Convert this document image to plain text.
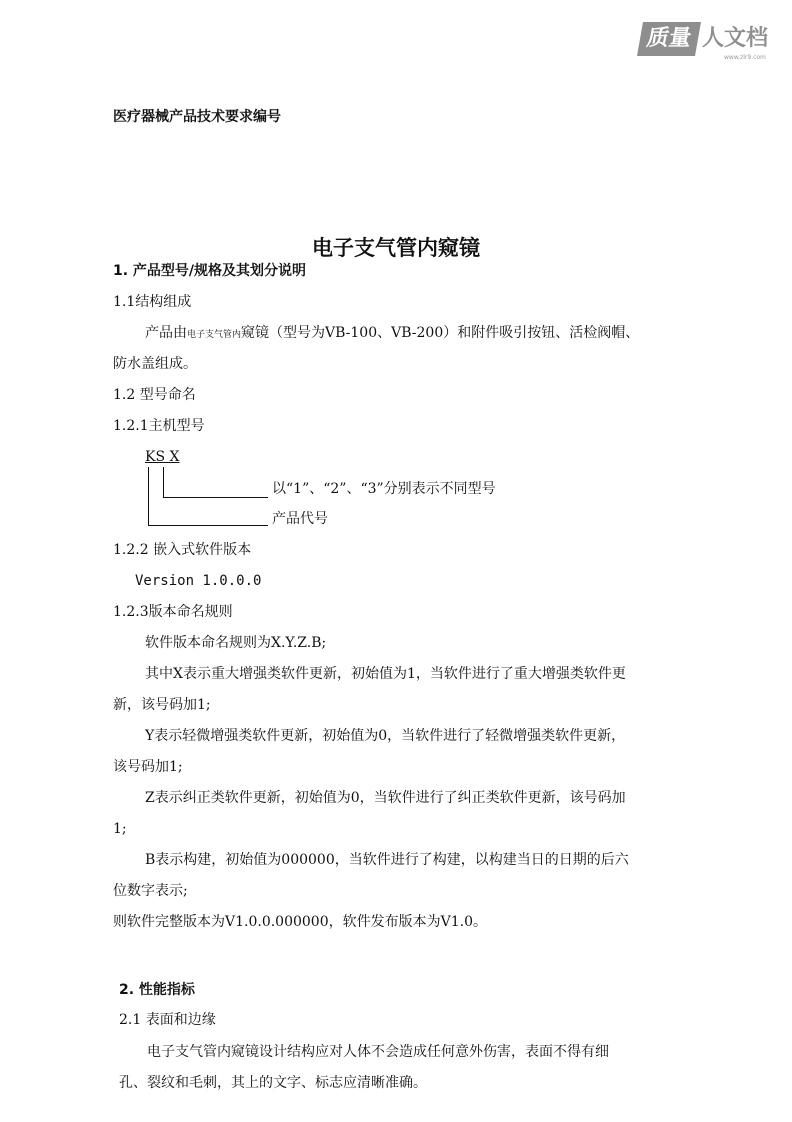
质量 人文档
www.zlr9.com
医疗器械产品技术要求编号
电子支气管内窥镜
1. 产品型号/规格及其划分说明
1.1结构组成
产品由电子支气管内窥镜（型号为VB-100、VB-200）和附件吸引按钮、活检阀帽、
防水盖组成。
1.2 型号命名
1.2.1主机型号
KS X
以“1”、“2”、“3”分别表示不同型号
产品代号
1.2.2 嵌入式软件版本
Version 1.0.0.0
1.2.3版本命名规则
软件版本命名规则为X.Y.Z.B;
其中X表示重大增强类软件更新，初始值为1，当软件进行了重大增强类软件更
新，该号码加1;
Y表示轻微增强类软件更新，初始值为0，当软件进行了轻微增强类软件更新，
该号码加1;
Z表示纠正类软件更新，初始值为0，当软件进行了纠正类软件更新，该号码加
1;
B表示构建，初始值为000000，当软件进行了构建，以构建当日的日期的后六
位数字表示;
则软件完整版本为V1.0.0.000000，软件发布版本为V1.0。
2. 性能指标
2.1 表面和边缘
电子支气管内窥镜设计结构应对人体不会造成任何意外伤害，表面不得有细
孔、裂纹和毛刺，其上的文字、标志应清晰准确。
